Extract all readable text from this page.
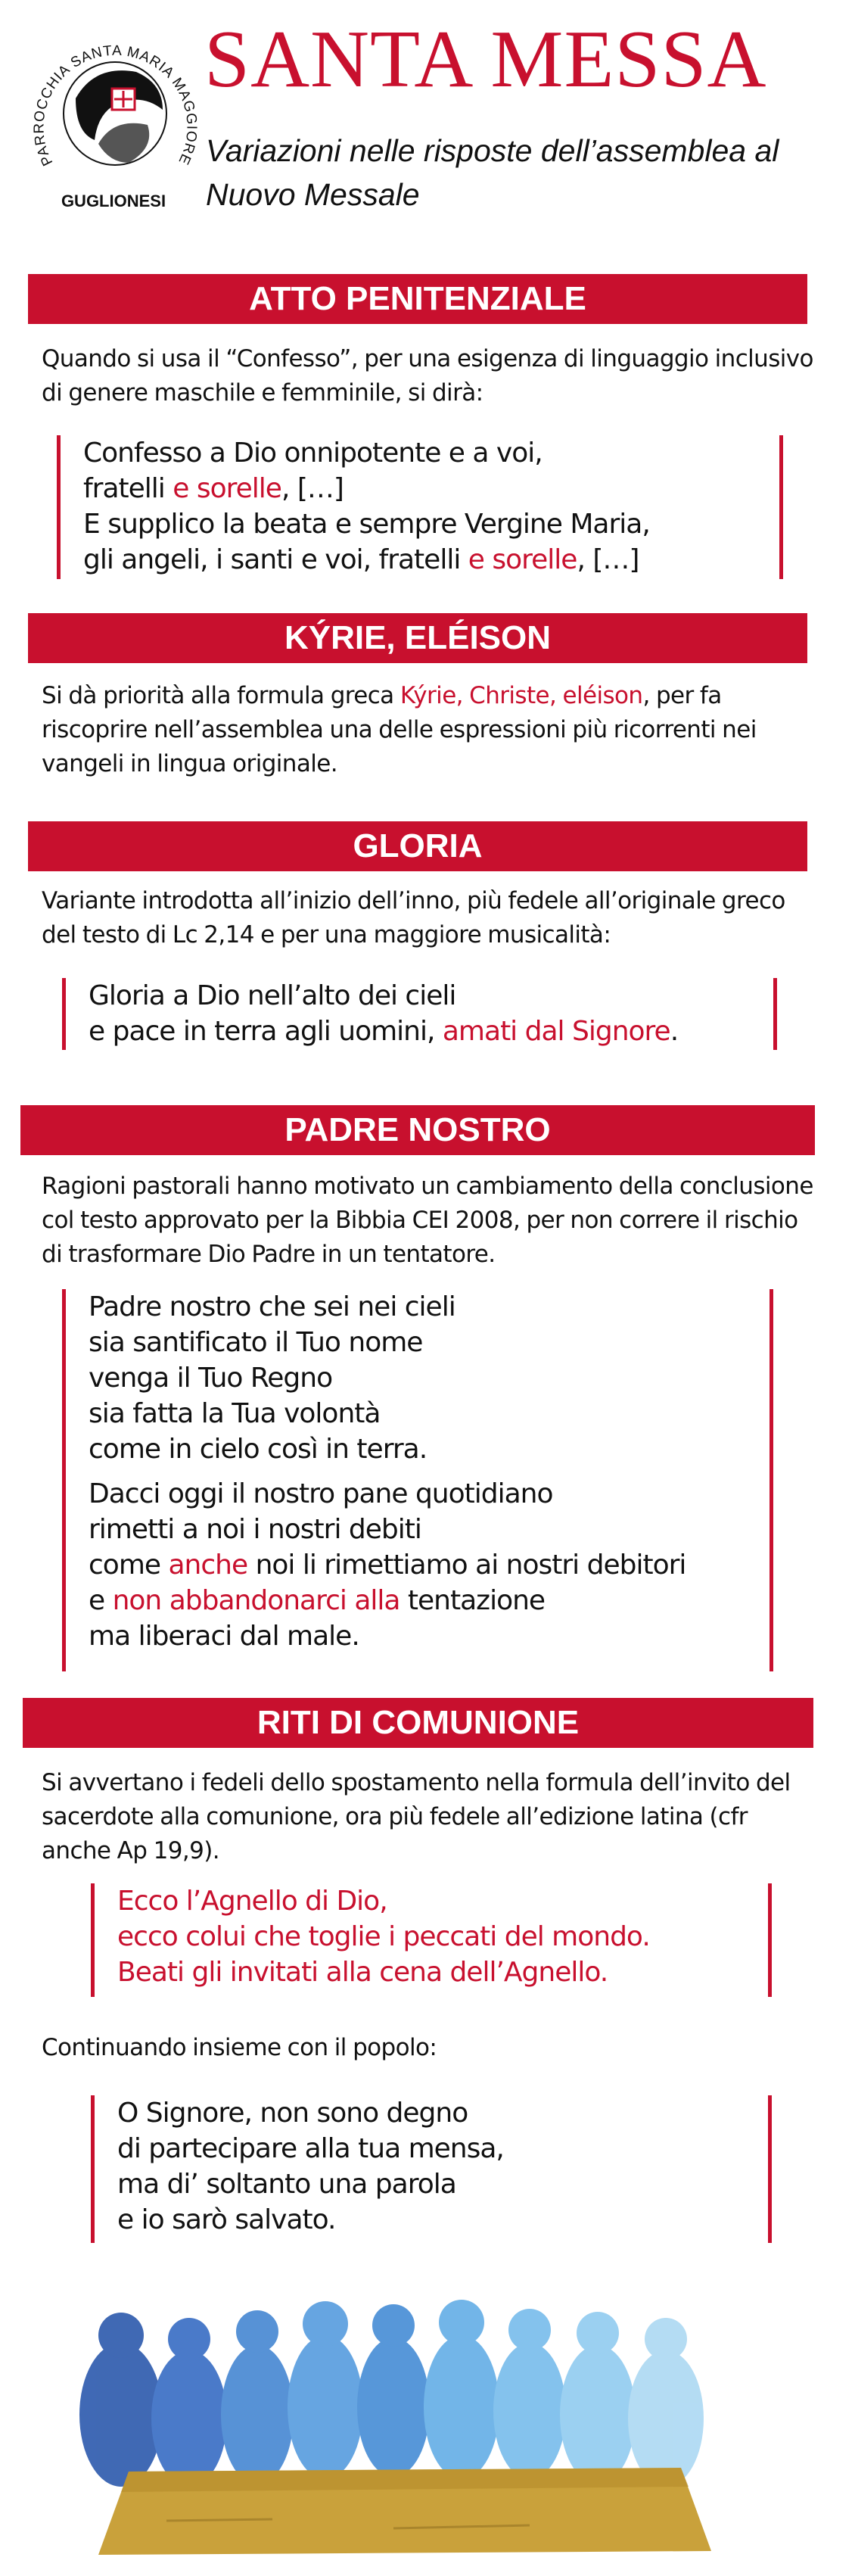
PARROCCHIA SANTA MARIA MAGGIORE
GUGLIONESI
SANTA MESSA

Variazioni nelle risposte dell’assemblea al Nuovo Messale

ATTO PENITENZIALE

Quando si usa il “Confesso”, per una esigenza di linguaggio inclusivo di genere maschile e femminile, si dirà:

Confesso a Dio onnipotente e a voi,
fratelli e sorelle, […]
E supplico la beata e sempre Vergine Maria,
gli angeli, i santi e voi, fratelli e sorelle, […]
KÝRIE, ELÉISON

Si dà priorità alla formula greca Kýrie, Christe, eléison, per fa riscoprire nell’assemblea una delle espressioni più ricorrenti nei vangeli in lingua originale.

GLORIA

Variante introdotta all’inizio dell’inno, più fedele all’originale greco del testo di Lc 2,14 e per una maggiore musicalità:

Gloria a Dio nell’alto dei cieli
e pace in terra agli uomini, amati dal Signore.
PADRE NOSTRO

Ragioni pastorali hanno motivato un cambiamento della conclusione col testo approvato per la Bibbia CEI 2008, per non correre il rischio di trasformare Dio Padre in un tentatore.

Padre nostro che sei nei cieli
sia santificato il Tuo nome
venga il Tuo Regno
sia fatta la Tua volontà
come in cielo così in terra.
Dacci oggi il nostro pane quotidiano
rimetti a noi i nostri debiti
come anche noi li rimettiamo ai nostri debitori
e non abbandonarci alla tentazione
ma liberaci dal male.
RITI DI COMUNIONE

Si avvertano i fedeli dello spostamento nella formula dell’invito del sacerdote alla comunione, ora più fedele all’edizione latina (cfr anche Ap 19,9).

Ecco l’Agnello di Dio,
ecco colui che toglie i peccati del mondo.
Beati gli invitati alla cena dell’Agnello.

Continuando insieme con il popolo:

O Signore, non sono degno
di partecipare alla tua mensa,
ma di’ soltanto una parola
e io sarò salvato.
